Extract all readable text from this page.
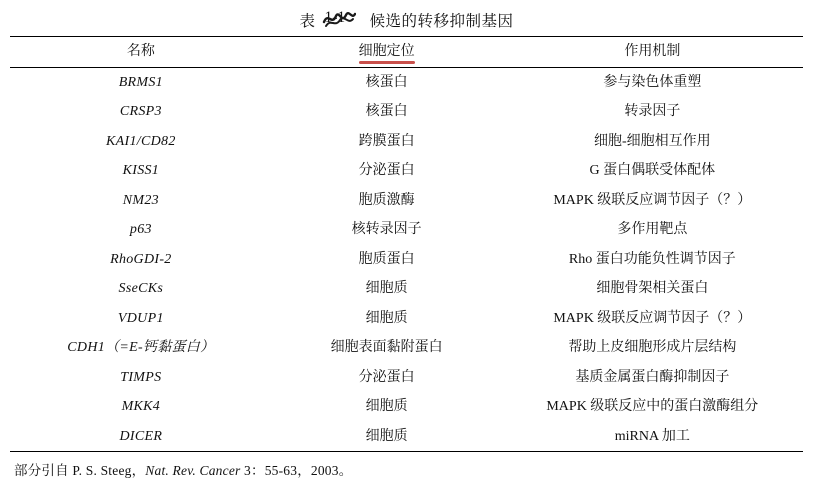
表 1-1 候选的转移抑制基因
名称	细胞定位	作用机制
BRMS1	核蛋白	参与染色体重塑
CRSP3	核蛋白	转录因子
KAI1/CD82	跨膜蛋白	细胞-细胞相互作用
KISS1	分泌蛋白	G 蛋白偶联受体配体
NM23	胞质激酶	MAPK 级联反应调节因子（？）
p63	核转录因子	多作用靶点
RhoGDI-2	胞质蛋白	Rho 蛋白功能负性调节因子
SseCKs	细胞质	细胞骨架相关蛋白
VDUP1	细胞质	MAPK 级联反应调节因子（？）
CDH1（=E-钙黏蛋白）	细胞表面黏附蛋白	帮助上皮细胞形成片层结构
TIMPS	分泌蛋白	基质金属蛋白酶抑制因子
MKK4	细胞质	MAPK 级联反应中的蛋白激酶组分
DICER	细胞质	miRNA 加工

部分引自 P. S. Steeg，Nat. Rev. Cancer 3：55-63，2003。
